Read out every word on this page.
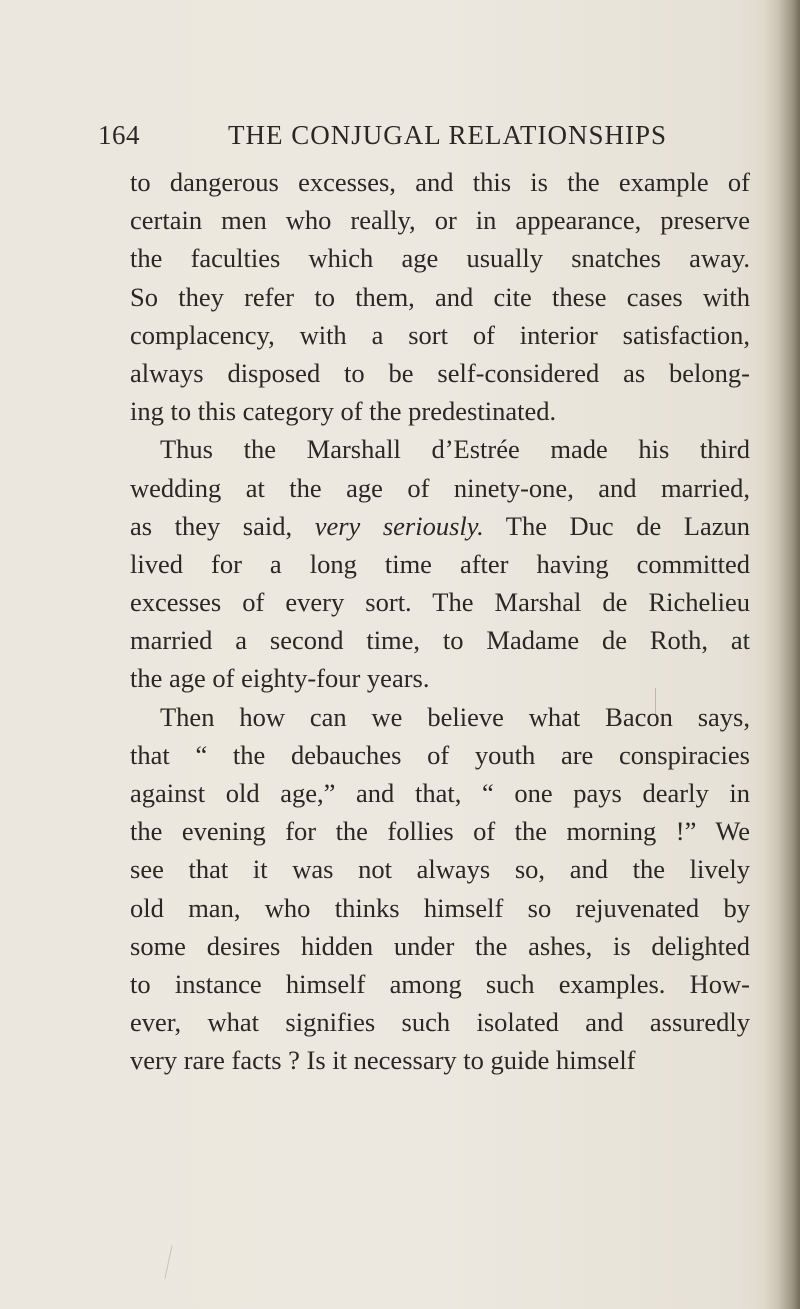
164	THE CONJUGAL RELATIONSHIPS
to dangerous excesses, and this is the example of
certain men who really, or in appearance, preserve
the faculties which age usually snatches away.
So they refer to them, and cite these cases with
complacency, with a sort of interior satisfaction,
always disposed to be self-considered as belong-
ing to this category of the predestinated.
Thus the Marshall d’Estrée made his third
wedding at the age of ninety-one, and married,
as they said, very seriously. The Duc de Lazun
lived for a long time after having committed
excesses of every sort. The Marshal de Richelieu
married a second time, to Madame de Roth, at
the age of eighty-four years.
Then how can we believe what Bacon says,
that “ the debauches of youth are conspiracies
against old age,” and that, “ one pays dearly in
the evening for the follies of the morning !” We
see that it was not always so, and the lively
old man, who thinks himself so rejuvenated by
some desires hidden under the ashes, is delighted
to instance himself among such examples. How-
ever, what signifies such isolated and assuredly
very rare facts ? Is it necessary to guide himself
